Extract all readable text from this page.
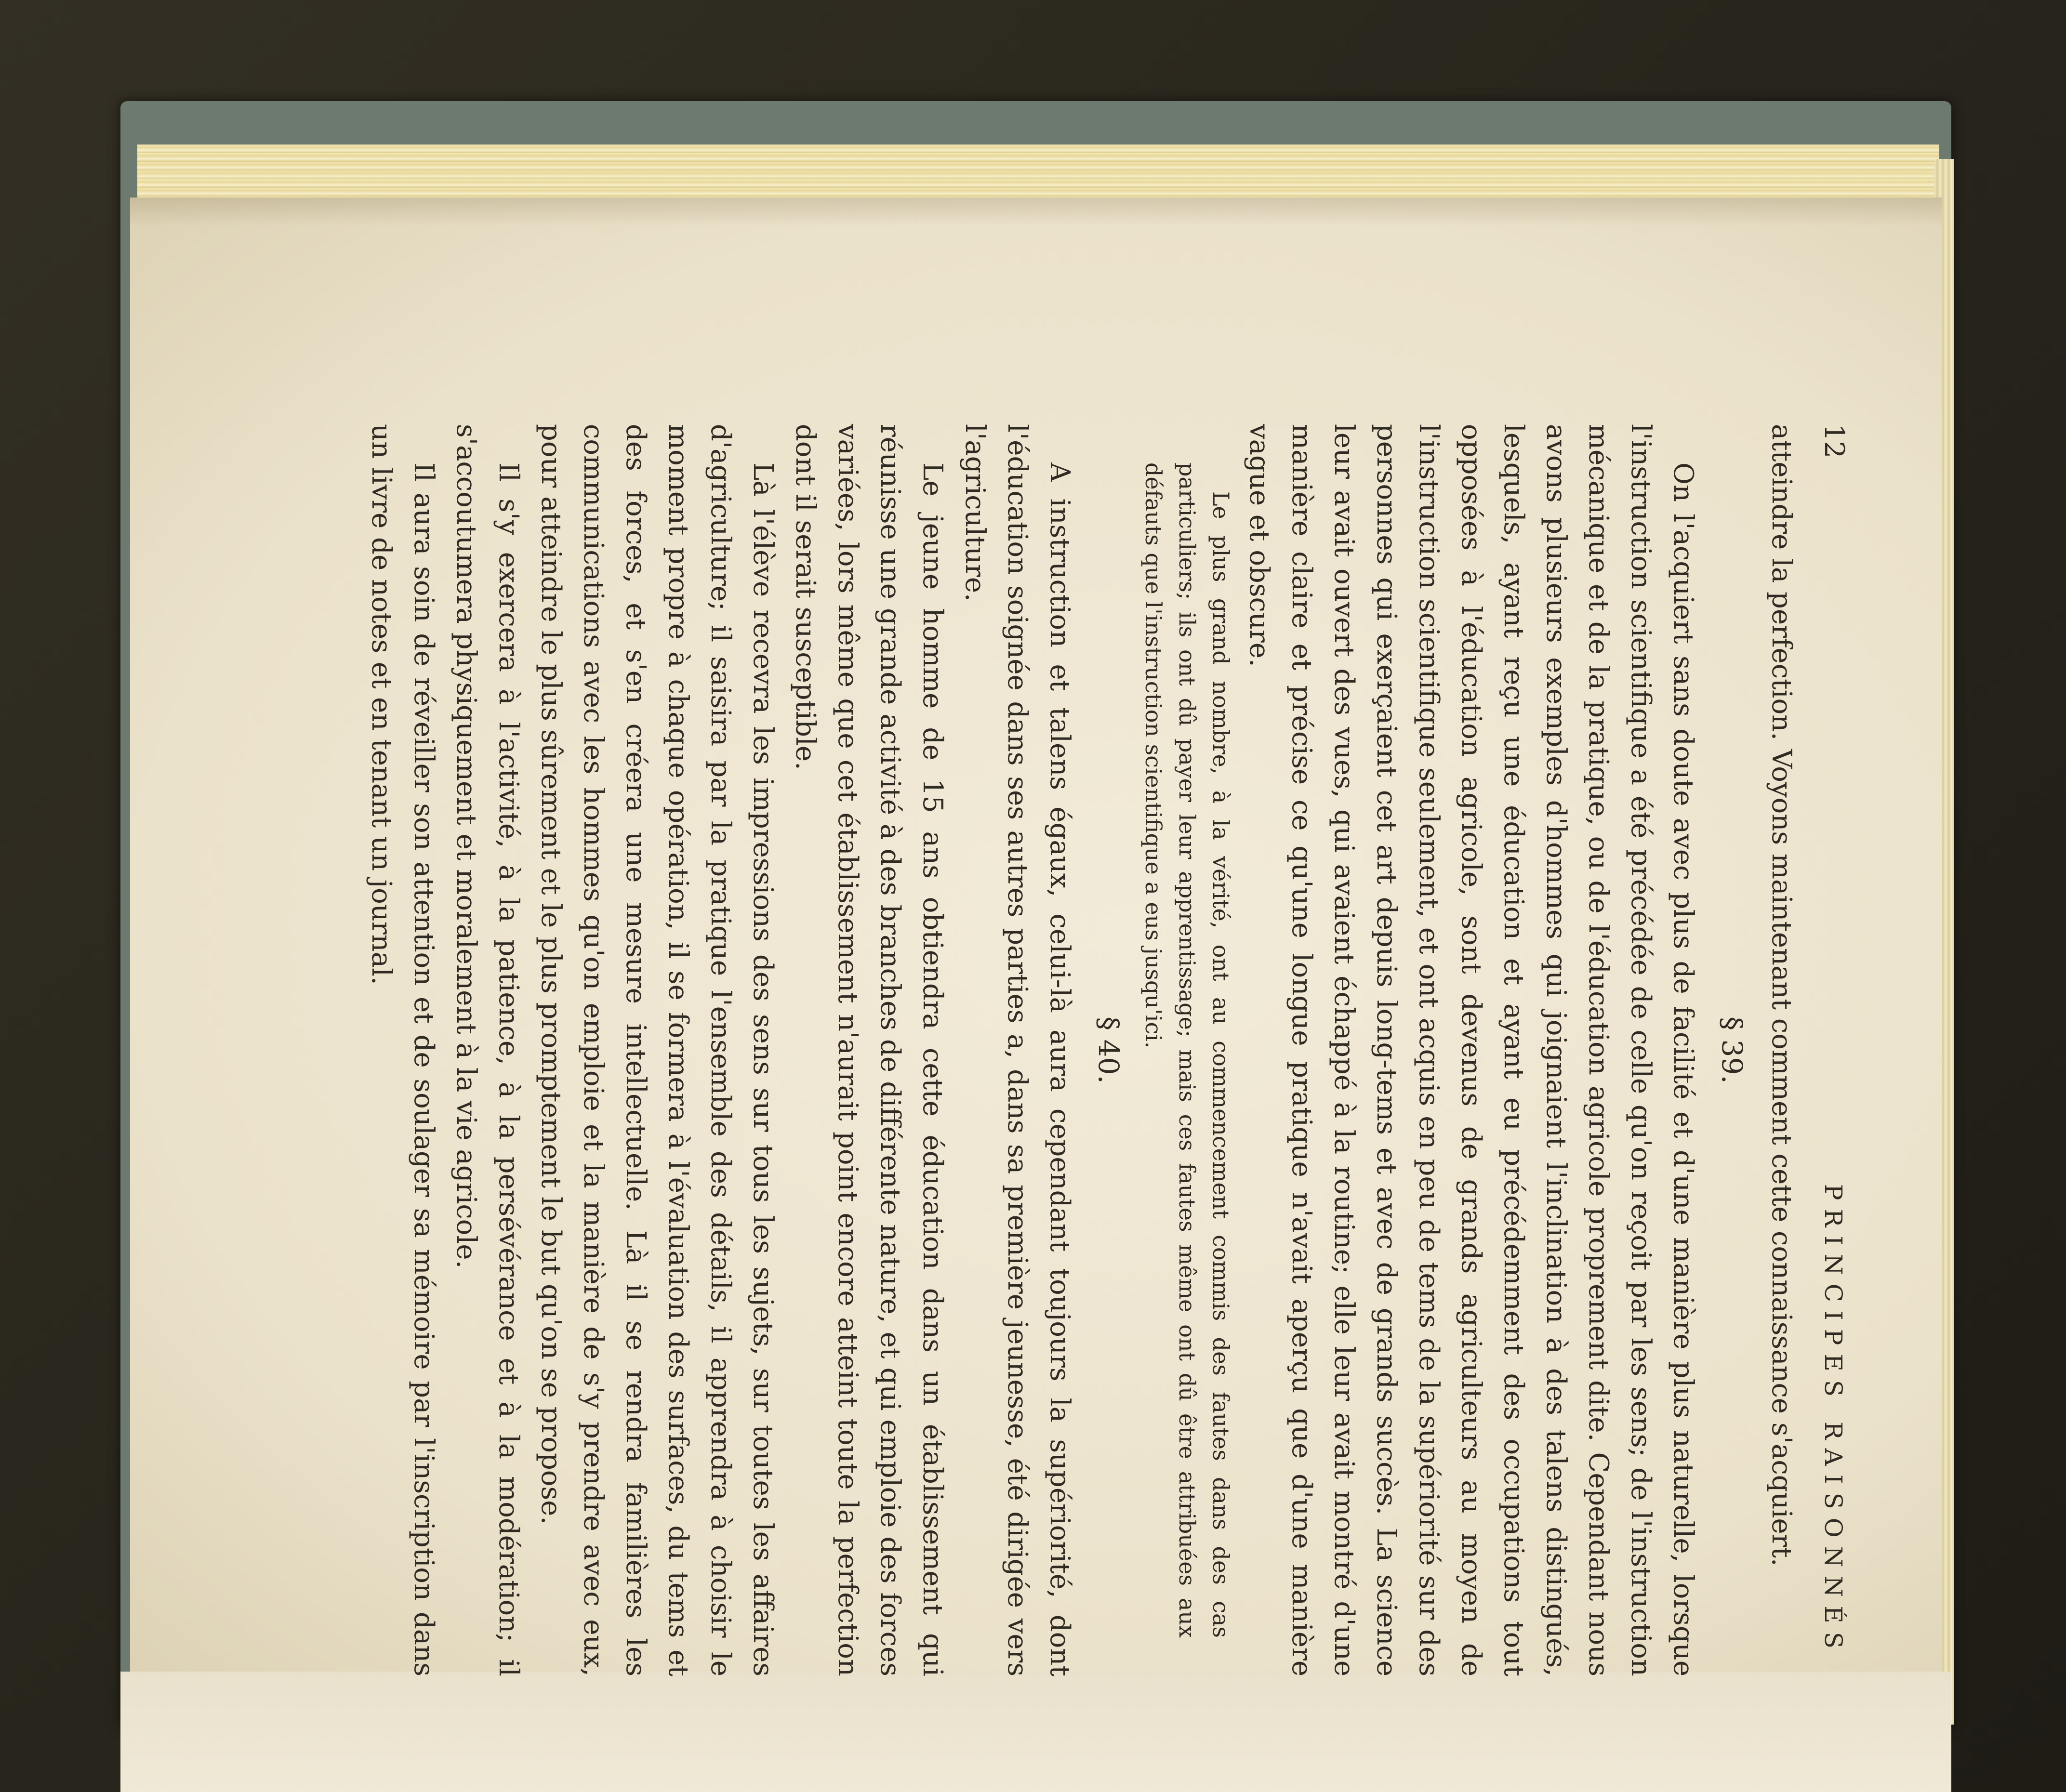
12
PRINCIPES RAISONNÉS

atteindre la perfection. Voyons maintenant comment cette connaissance s'acquiert.

§ 39.

On l'acquiert sans doute avec plus de facilité et d'une manière plus naturelle, lorsque l'instruction scientifique a été précédée de celle qu'on reçoit par les sens; de l'instruction mécanique et de la pratique, ou de l'éducation agricole proprement dite. Cependant nous avons plusieurs exemples d'hommes qui joignaient l'inclination à des talens distingués, lesquels, ayant reçu une éducation et ayant eu précédemment des occupations tout opposées à l'éducation agricole, sont devenus de grands agriculteurs au moyen de l'instruction scientifique seulement, et ont acquis en peu de tems de la supériorité sur des personnes qui exerçaient cet art depuis long-tems et avec de grands succès. La science leur avait ouvert des vues, qui avaient échappé à la routine; elle leur avait montré d'une manière claire et précise ce qu'une longue pratique n'avait aperçu que d'une manière vague et obscure.

Le plus grand nombre, à la vérité, ont au commencement commis des fautes dans des cas particuliers; ils ont dû payer leur apprentissage; mais ces fautes même ont dû être attribuées aux défauts que l'instruction scientifique a eus jusqu'ici.

§ 40.

A instruction et talens égaux, celui-là aura cependant toujours la supériorité, dont l'éducation soignée dans ses autres parties a, dans sa première jeunesse, été dirigée vers l'agriculture.

Le jeune homme de 15 ans obtiendra cette éducation dans un établissement qui réunisse une grande activité à des branches de différente nature, et qui emploie des forces variées, lors même que cet établissement n'aurait point encore atteint toute la perfection dont il serait susceptible.

Là l'élève recevra les impressions des sens sur tous les sujets, sur toutes les affaires d'agriculture; il saisira par la pratique l'ensemble des détails, il apprendra à choisir le moment propre à chaque opération, il se formera à l'évaluation des surfaces, du tems et des forces, et s'en créera une mesure intellectuelle. Là il se rendra familières les communications avec les hommes qu'on emploie et la manière de s'y prendre avec eux, pour atteindre le plus sûrement et le plus promptement le but qu'on se propose.

Il s'y exercera à l'activité, à la patience, à la persévérance et à la modération; il s'accoutumera physiquement et moralement à la vie agricole.

Il aura soin de réveiller son attention et de soulager sa mémoire par l'inscription dans un livre de notes et en tenant un journal.
